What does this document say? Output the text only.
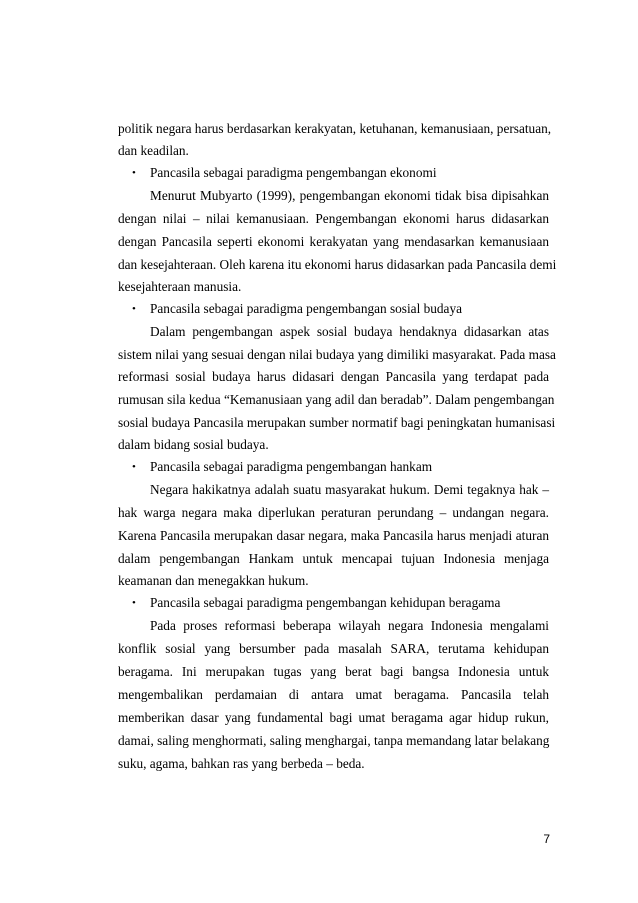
politik negara harus berdasarkan kerakyatan, ketuhanan, kemanusiaan, persatuan,
dan keadilan.
•	Pancasila sebagai paradigma pengembangan ekonomi
Menurut Mubyarto (1999), pengembangan ekonomi tidak bisa dipisahkan
dengan nilai – nilai kemanusiaan. Pengembangan ekonomi harus didasarkan
dengan Pancasila seperti ekonomi kerakyatan yang mendasarkan kemanusiaan
dan kesejahteraan. Oleh karena itu ekonomi harus didasarkan pada Pancasila demi
kesejahteraan manusia.
•	Pancasila sebagai paradigma pengembangan sosial budaya
Dalam pengembangan aspek sosial budaya hendaknya didasarkan atas
sistem nilai yang sesuai dengan nilai budaya yang dimiliki masyarakat. Pada masa
reformasi sosial budaya harus didasari dengan Pancasila yang terdapat pada
rumusan sila kedua “Kemanusiaan yang adil dan beradab”. Dalam pengembangan
sosial budaya Pancasila merupakan sumber normatif bagi peningkatan humanisasi
dalam bidang sosial budaya.
•	Pancasila sebagai paradigma pengembangan hankam
Negara hakikatnya adalah suatu masyarakat hukum. Demi tegaknya hak –
hak warga negara maka diperlukan peraturan perundang – undangan negara.
Karena Pancasila merupakan dasar negara, maka Pancasila harus menjadi aturan
dalam pengembangan Hankam untuk mencapai tujuan Indonesia menjaga
keamanan dan menegakkan hukum.
•	Pancasila sebagai paradigma pengembangan kehidupan beragama
Pada proses reformasi beberapa wilayah negara Indonesia mengalami
konflik sosial yang bersumber pada masalah SARA, terutama kehidupan
beragama. Ini merupakan tugas yang berat bagi bangsa Indonesia untuk
mengembalikan perdamaian di antara umat beragama. Pancasila telah
memberikan dasar yang fundamental bagi umat beragama agar hidup rukun,
damai, saling menghormati, saling menghargai, tanpa memandang latar belakang
suku, agama, bahkan ras yang berbeda – beda.
7
